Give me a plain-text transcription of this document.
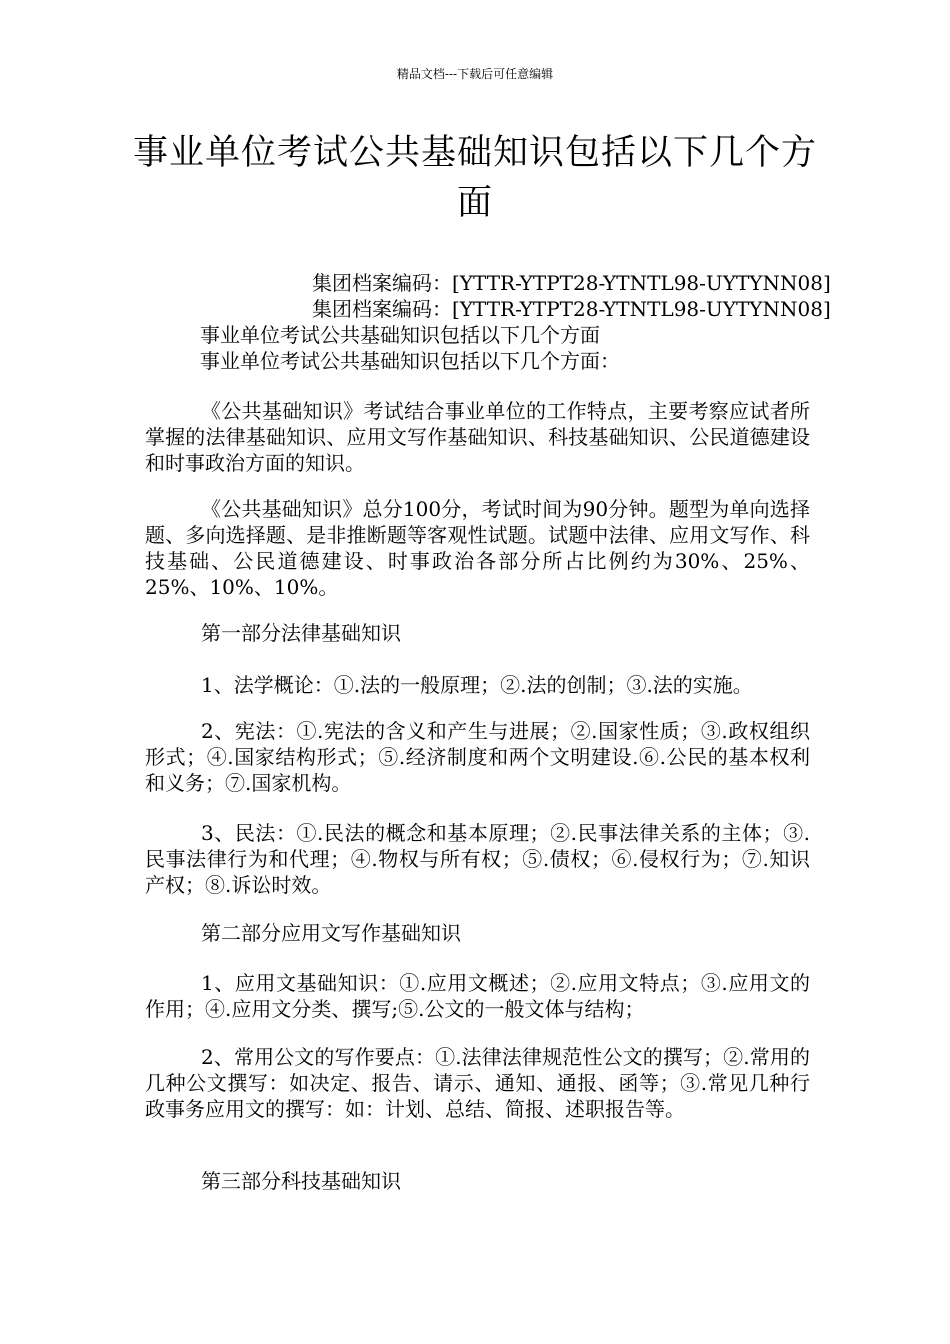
精品文档---下载后可任意编辑
事业单位考试公共基础知识包括以下几个方面
集团档案编码：[YTTR-YTPT28-YTNTL98-UYTYNN08]
集团档案编码：[YTTR-YTPT28-YTNTL98-UYTYNN08]
事业单位考试公共基础知识包括以下几个方面
事业单位考试公共基础知识包括以下几个方面：
《公共基础知识》考试结合事业单位的工作特点，主要考察应试者所掌握的法律基础知识、应用文写作基础知识、科技基础知识、公民道德建设和时事政治方面的知识。
《公共基础知识》总分100分，考试时间为90分钟。题型为单向选择题、多向选择题、是非推断题等客观性试题。试题中法律、应用文写作、科技基础、公民道德建设、时事政治各部分所占比例约为30%、25%、25%、10%、10%。
第一部分法律基础知识
1、法学概论：①.法的一般原理；②.法的创制；③.法的实施。
2、宪法：①.宪法的含义和产生与进展；②.国家性质；③.政权组织形式；④.国家结构形式；⑤.经济制度和两个文明建设.⑥.公民的基本权利和义务；⑦.国家机构。
3、民法：①.民法的概念和基本原理；②.民事法律关系的主体；③.民事法律行为和代理；④.物权与所有权；⑤.债权；⑥.侵权行为；⑦.知识产权；⑧.诉讼时效。
第二部分应用文写作基础知识
1、应用文基础知识：①.应用文概述；②.应用文特点；③.应用文的作用；④.应用文分类、撰写;⑤.公文的一般文体与结构；
2、常用公文的写作要点：①.法律法律规范性公文的撰写；②.常用的几种公文撰写：如决定、报告、请示、通知、通报、函等；③.常见几种行政事务应用文的撰写：如：计划、总结、简报、述职报告等。
第三部分科技基础知识
